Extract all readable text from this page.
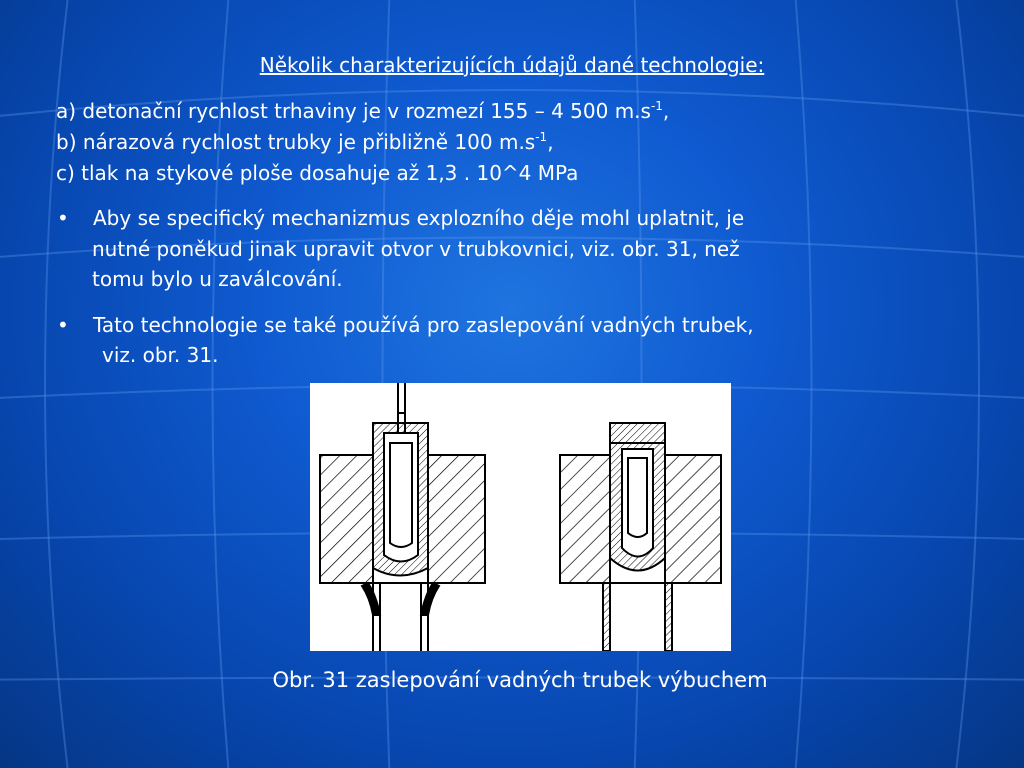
Několik charakterizujících údajů dané technologie:
a) detonační rychlost trhaviny je v rozmezí 155 – 4 500 $m.s^{-1}$,
b) nárazová rychlost trubky je přibližně 100 $m.s^{-1}$,
c) tlak na stykové ploše dosahuje až 1,3 . 10^4 MPa
• Aby se specifický mechanizmus explozního děje mohl uplatnit, je
nutné poněkud jinak upravit otvor v trubkovnici, viz. obr. 31, než
tomu bylo u zaválcování.
• Tato technologie se také používá pro zaslepování vadných trubek,
viz. obr. 31.
Obr. 31 zaslepování vadných trubek výbuchem
